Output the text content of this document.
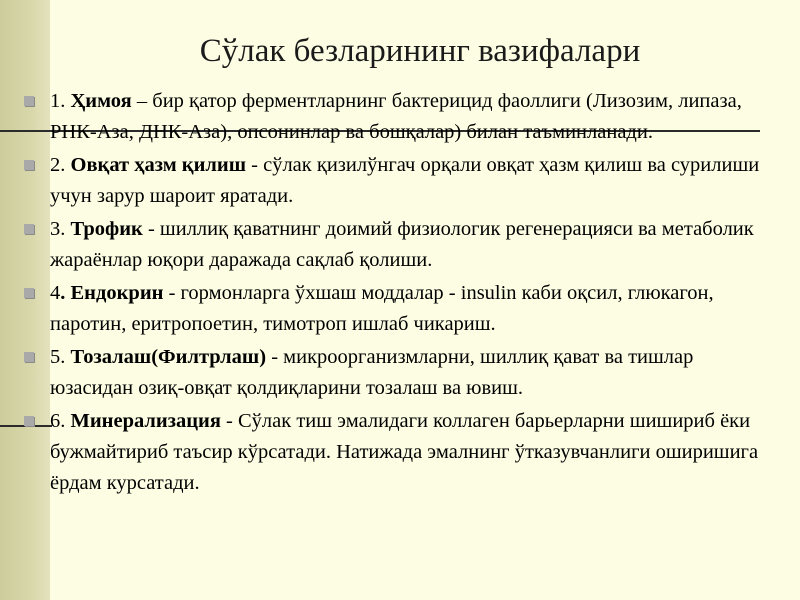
Сўлак безларининг вазифалари
1. Ҳимоя – бир қатор ферментларнинг бактерицид фаоллиги (Лизозим, липаза, РНК-Аза, ДНК-Аза), опсонинлар ва бошқалар) билан таъминланади.
2. Овқат ҳазм қилиш - сўлак қизилўнгач орқали овқат ҳазм қилиш ва сурилиши учун зарур шароит яратади.
3. Трофик - шиллиқ қаватнинг доимий физиологик регенерацияси ва метаболик жараёнлар юқори даражада сақлаб қолиши.
4. Ендокрин - гормонларга ўхшаш моддалар - insulin каби оқсил, глюкагон, паротин, еритропоетин, тимотроп ишлаб чикариш.
5. Тозалаш(Филтрлаш) - микроорганизмларни, шиллиқ қават ва тишлар юзасидан озиқ-овқат қолдиқларини тозалаш ва ювиш.
6. Минерализация - Сўлак тиш эмалидаги коллаген барьерларни шишириб ёки бужмайтириб таъсир кўрсатади. Натижада эмалнинг ўтказувчанлиги оширишига ёрдам курсатади.
